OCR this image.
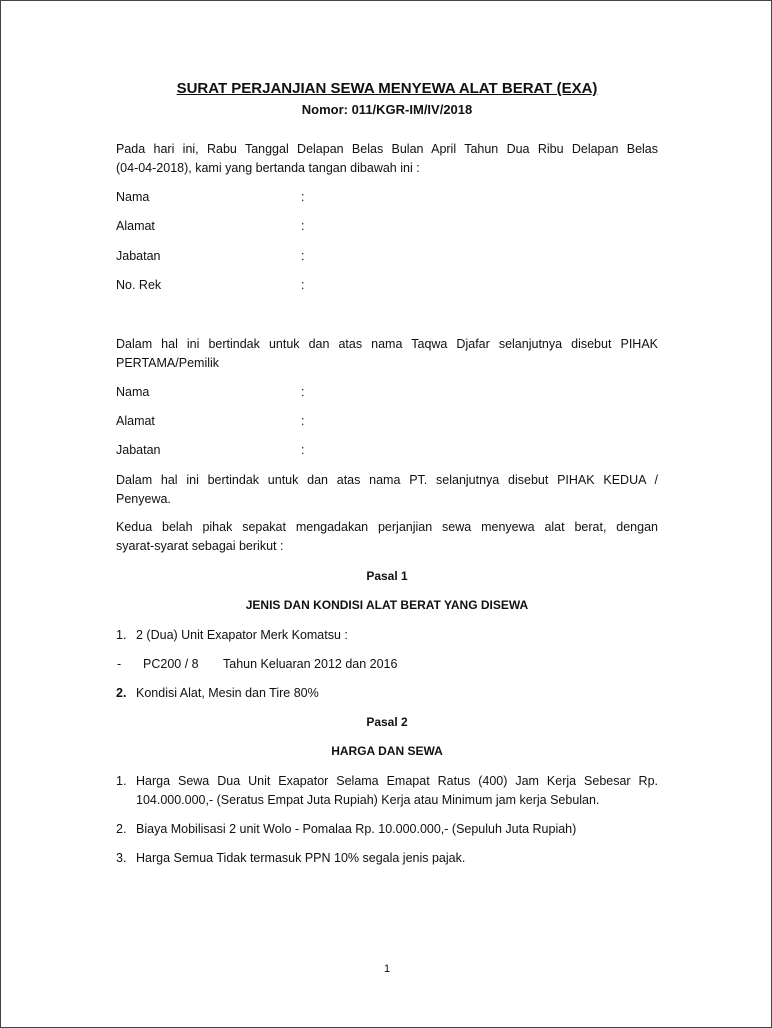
SURAT PERJANJIAN SEWA MENYEWA ALAT BERAT (EXA)
Nomor: 011/KGR-IM/IV/2018
Pada hari ini, Rabu Tanggal Delapan Belas Bulan April Tahun Dua Ribu Delapan Belas
(04-04-2018), kami yang bertanda tangan dibawah ini :
Nama	:
Alamat	:
Jabatan	:
No. Rek	:
Dalam hal ini bertindak untuk dan atas nama Taqwa Djafar selanjutnya disebut PIHAK
PERTAMA/Pemilik
Nama	:
Alamat	:
Jabatan	:
Dalam hal ini bertindak untuk dan atas nama PT. selanjutnya disebut PIHAK KEDUA /
Penyewa.
Kedua belah pihak sepakat mengadakan perjanjian sewa menyewa alat berat, dengan
syarat-syarat sebagai berikut :
Pasal 1
JENIS DAN KONDISI ALAT BERAT YANG DISEWA
1. 2 (Dua) Unit Exapator Merk Komatsu :
- PC200 / 8 Tahun Keluaran 2012 dan 2016
2. Kondisi Alat, Mesin dan Tire 80%
Pasal 2
HARGA DAN SEWA
1. Harga Sewa Dua Unit Exapator Selama Emapat Ratus (400) Jam Kerja Sebesar Rp.
104.000.000,- (Seratus Empat Juta Rupiah) Kerja atau Minimum jam kerja Sebulan.
2. Biaya Mobilisasi 2 unit Wolo - Pomalaa Rp. 10.000.000,- (Sepuluh Juta Rupiah)
3. Harga Semua Tidak termasuk PPN 10% segala jenis pajak.
1
